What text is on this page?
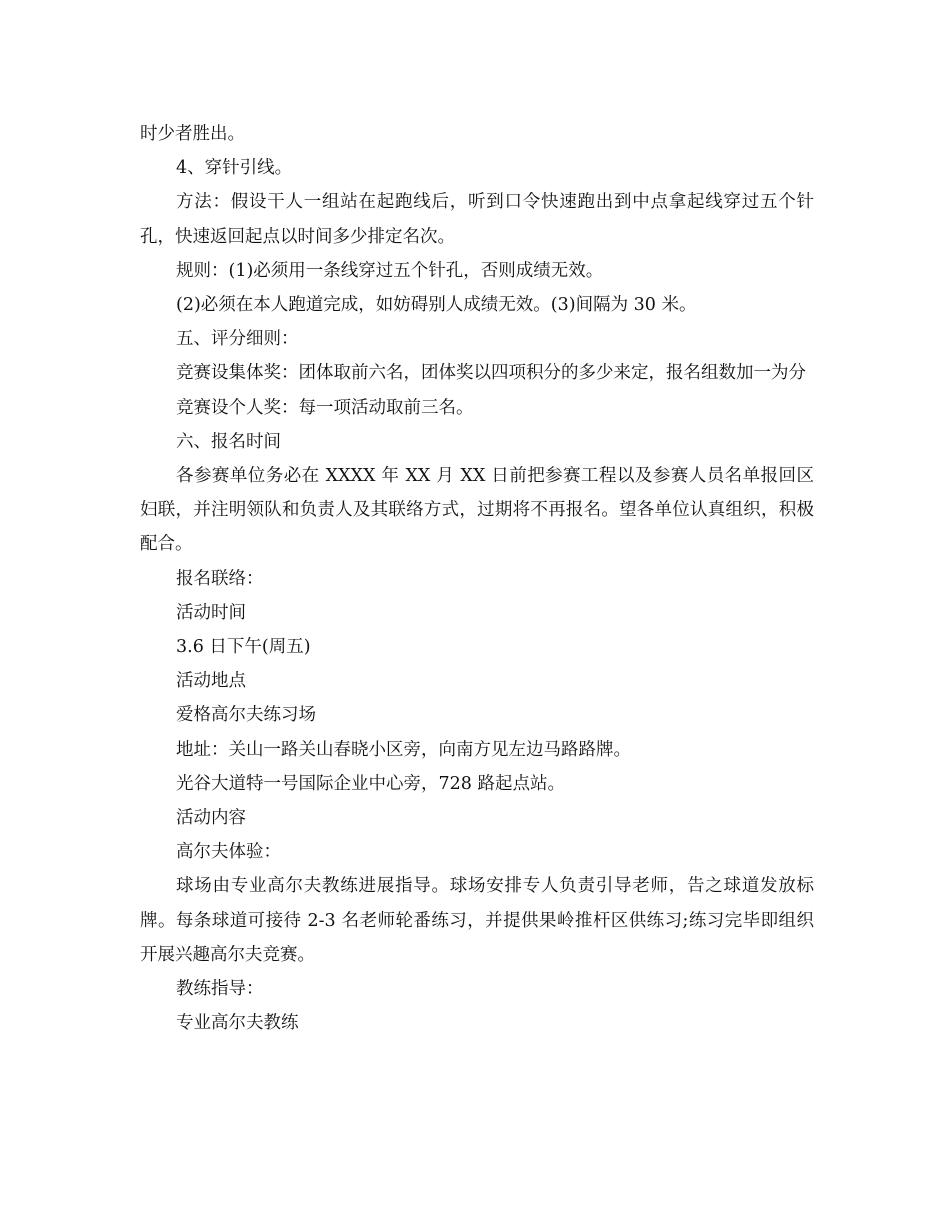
时少者胜出。

4、穿针引线。

方法：假设干人一组站在起跑线后，听到口令快速跑出到中点拿起线穿过五个针孔，快速返回起点以时间多少排定名次。

规则：(1)必须用一条线穿过五个针孔，否则成绩无效。

(2)必须在本人跑道完成，如妨碍别人成绩无效。(3)间隔为 30 米。

五、评分细则：

竞赛设集体奖：团体取前六名，团体奖以四项积分的多少来定，报名组数加一为分

竞赛设个人奖：每一项活动取前三名。

六、报名时间

各参赛单位务必在 XXXX 年 XX 月 XX 日前把参赛工程以及参赛人员名单报回区妇联，并注明领队和负责人及其联络方式，过期将不再报名。望各单位认真组织，积极配合。

报名联络：

活动时间

3.6 日下午(周五)

活动地点

爱格高尔夫练习场

地址：关山一路关山春晓小区旁，向南方见左边马路路牌。

光谷大道特一号国际企业中心旁，728 路起点站。

活动内容

高尔夫体验：

球场由专业高尔夫教练进展指导。球场安排专人负责引导老师，告之球道发放标牌。每条球道可接待 2-3 名老师轮番练习，并提供果岭推杆区供练习;练习完毕即组织开展兴趣高尔夫竞赛。

教练指导：

专业高尔夫教练
